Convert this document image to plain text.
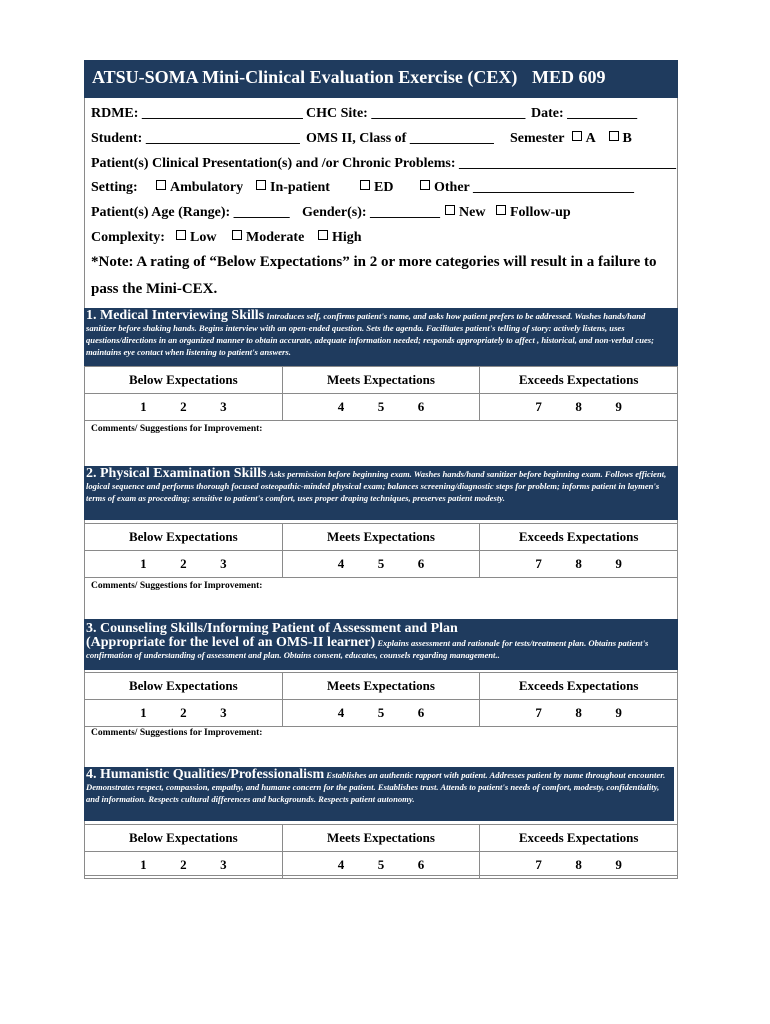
ATSU-SOMA Mini-Clinical Evaluation Exercise (CEX) MED 609
RDME: _______________________ CHC Site: ______________________ Date: __________
Student: ______________________ OMS II, Class of ____________ Semester A B
Patient(s) Clinical Presentation(s) and /or Chronic Problems: _______________________________
Setting:	Ambulatory	In-patient	ED	Other _______________________
Patient(s) Age (Range): ________ Gender(s): __________	New	Follow-up
Complexity:	Low	Moderate	High
*Note: A rating of “Below Expectations” in 2 or more categories will result in a failure to
pass the Mini-CEX.
1. Medical Interviewing Skills Introduces self, confirms patient's name, and asks how patient prefers to be addressed. Washes hands/hand sanitizer before shaking hands. Begins interview with an open-ended question. Sets the agenda. Facilitates patient's telling of story: actively listens, uses questions/directions in an organized manner to obtain accurate, adequate information needed; responds appropriately to affect , historical, and non-verbal cues; maintains eye contact when listening to patient's answers.
Below Expectations	Meets Expectations	Exceeds Expectations
1 2 3	4 5 6	7 8 9
Comments/ Suggestions for Improvement:
2. Physical Examination Skills Asks permission before beginning exam. Washes hands/hand sanitizer before beginning exam. Follows efficient, logical sequence and performs thorough focused osteopathic-minded physical exam; balances screening/diagnostic steps for problem; informs patient in laymen's terms of exam as proceeding; sensitive to patient's comfort, uses proper draping techniques, preserves patient modesty.
Below Expectations	Meets Expectations	Exceeds Expectations
1 2 3	4 5 6	7 8 9
Comments/ Suggestions for Improvement:
3. Counseling Skills/Informing Patient of Assessment and Plan
(Appropriate for the level of an OMS-II learner) Explains assessment and rationale for tests/treatment plan. Obtains patient's confirmation of understanding of assessment and plan. Obtains consent, educates, counsels regarding management..
Below Expectations	Meets Expectations	Exceeds Expectations
1 2 3	4 5 6	7 8 9
Comments/ Suggestions for Improvement:
4. Humanistic Qualities/Professionalism Establishes an authentic rapport with patient. Addresses patient by name throughout encounter. Demonstrates respect, compassion, empathy, and humane concern for the patient. Establishes trust. Attends to patient's needs of comfort, modesty, confidentiality, and information. Respects cultural differences and backgrounds. Respects patient autonomy.
Below Expectations	Meets Expectations	Exceeds Expectations
1 2 3	4 5 6	7 8 9
